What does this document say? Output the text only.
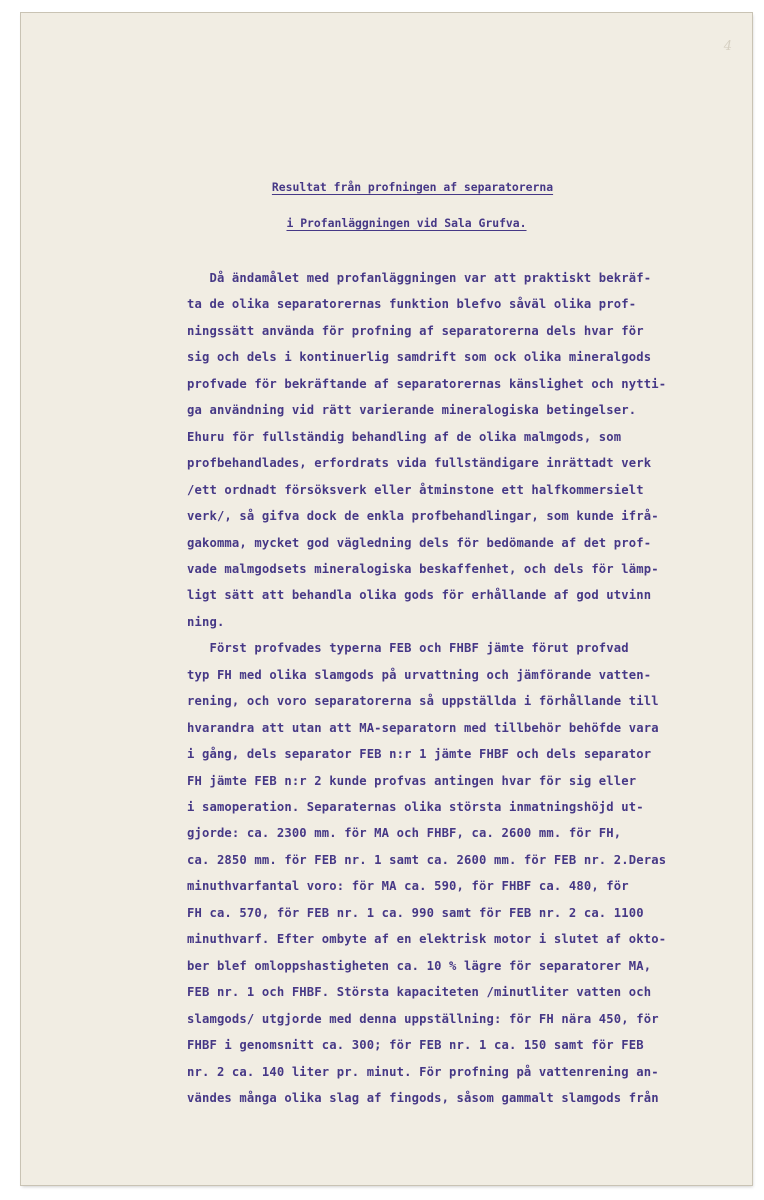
4
Resultat från profningen af separatorerna
i Profanläggningen vid Sala Grufva.
Då ändamålet med profanläggningen var att praktiskt bekräf-
ta de olika separatorernas funktion blefvo såväl olika prof-
ningssätt använda för profning af separatorerna dels hvar för
sig och dels i kontinuerlig samdrift som ock olika mineralgods
profvade för bekräftande af separatorernas känslighet och nytti-
ga användning vid rätt varierande mineralogiska betingelser.
Ehuru för fullständig behandling af de olika malmgods, som
profbehandlades, erfordrats vida fullständigare inrättadt verk
/ett ordnadt försöksverk eller åtminstone ett halfkommersielt
verk/, så gifva dock de enkla profbehandlingar, som kunde ifrå-
gakomma, mycket god vägledning dels för bedömande af det prof-
vade malmgodsets mineralogiska beskaffenhet, och dels för lämp-
ligt sätt att behandla olika gods för erhållande af god utvinn
ning.
Först profvades typerna FEB och FHBF jämte förut profvad
typ FH med olika slamgods på urvattning och jämförande vatten-
rening, och voro separatorerna så uppställda i förhållande till
hvarandra att utan att MA-separatorn med tillbehör behöfde vara
i gång, dels separator FEB n:r 1 jämte FHBF och dels separator
FH jämte FEB n:r 2 kunde profvas antingen hvar för sig eller
i samoperation. Separaternas olika största inmatningshöjd ut-
gjorde: ca. 2300 mm. för MA och FHBF, ca. 2600 mm. för FH,
ca. 2850 mm. för FEB nr. 1 samt ca. 2600 mm. för FEB nr. 2.Deras
minuthvarfantal voro: för MA ca. 590, för FHBF ca. 480, för
FH ca. 570, för FEB nr. 1 ca. 990 samt för FEB nr. 2 ca. 1100
minuthvarf. Efter ombyte af en elektrisk motor i slutet af okto-
ber blef omloppshastigheten ca. 10 % lägre för separatorer MA,
FEB nr. 1 och FHBF. Största kapaciteten /minutliter vatten och
slamgods/ utgjorde med denna uppställning: för FH nära 450, för
FHBF i genomsnitt ca. 300; för FEB nr. 1 ca. 150 samt för FEB
nr. 2 ca. 140 liter pr. minut. För profning på vattenrening an-
vändes många olika slag af fingods, såsom gammalt slamgods från
